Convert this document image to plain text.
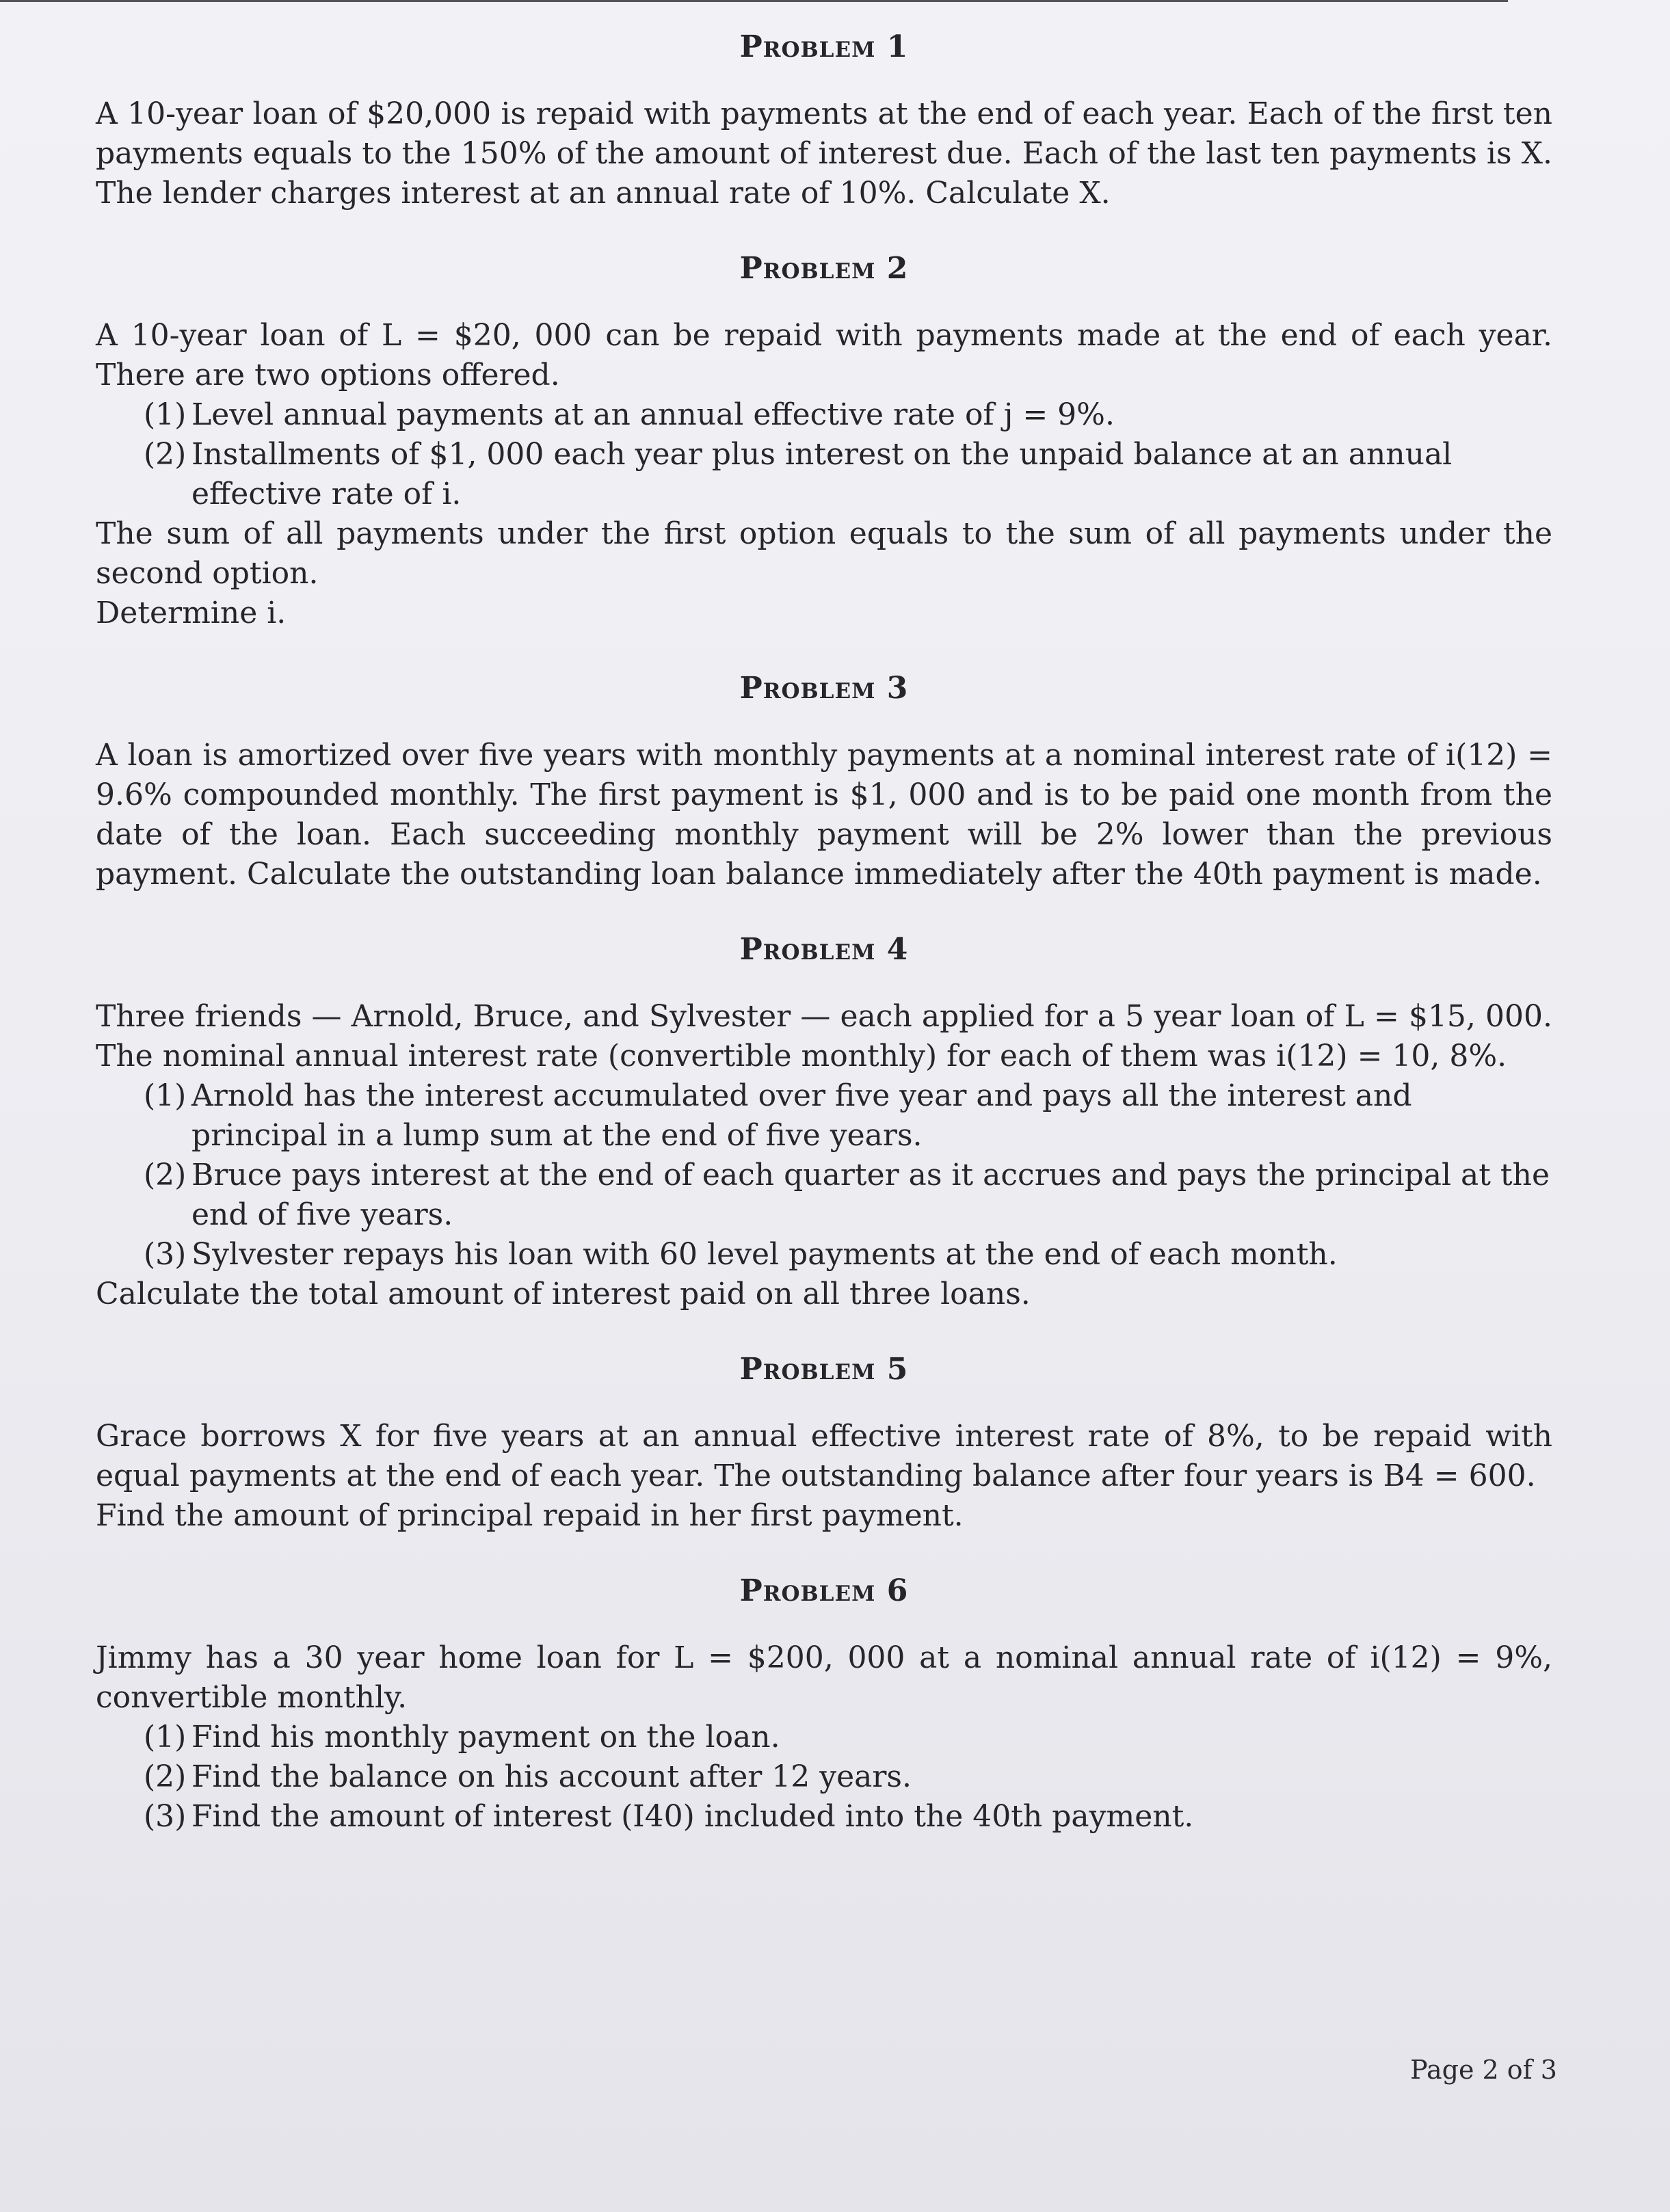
Problem 1

A 10-year loan of $20,000 is repaid with payments at the end of each year. Each of the first ten payments equals to the 150% of the amount of interest due. Each of the last ten payments is X. The lender charges interest at an annual rate of 10%. Calculate X.

Problem 2

A 10-year loan of L = $20, 000 can be repaid with payments made at the end of each year. There are two options offered.

(1) Level annual payments at an annual effective rate of j = 9%.
(2) Installments of $1, 000 each year plus interest on the unpaid balance at an annual effective rate of i.

The sum of all payments under the first option equals to the sum of all payments under the second option.

Determine i.

Problem 3

A loan is amortized over five years with monthly payments at a nominal interest rate of i(12) = 9.6% compounded monthly. The first payment is $1, 000 and is to be paid one month from the date of the loan. Each succeeding monthly payment will be 2% lower than the previous payment. Calculate the outstanding loan balance immediately after the 40th payment is made.

Problem 4

Three friends — Arnold, Bruce, and Sylvester — each applied for a 5 year loan of L = $15, 000. The nominal annual interest rate (convertible monthly) for each of them was i(12) = 10, 8%.

(1) Arnold has the interest accumulated over five year and pays all the interest and principal in a lump sum at the end of five years.
(2) Bruce pays interest at the end of each quarter as it accrues and pays the principal at the end of five years.
(3) Sylvester repays his loan with 60 level payments at the end of each month.

Calculate the total amount of interest paid on all three loans.

Problem 5

Grace borrows X for five years at an annual effective interest rate of 8%, to be repaid with equal payments at the end of each year. The outstanding balance after four years is B4 = 600.

Find the amount of principal repaid in her first payment.

Problem 6

Jimmy has a 30 year home loan for L = $200, 000 at a nominal annual rate of i(12) = 9%, convertible monthly.

(1) Find his monthly payment on the loan.
(2) Find the balance on his account after 12 years.
(3) Find the amount of interest (I40) included into the 40th payment.
Page 2 of 3
